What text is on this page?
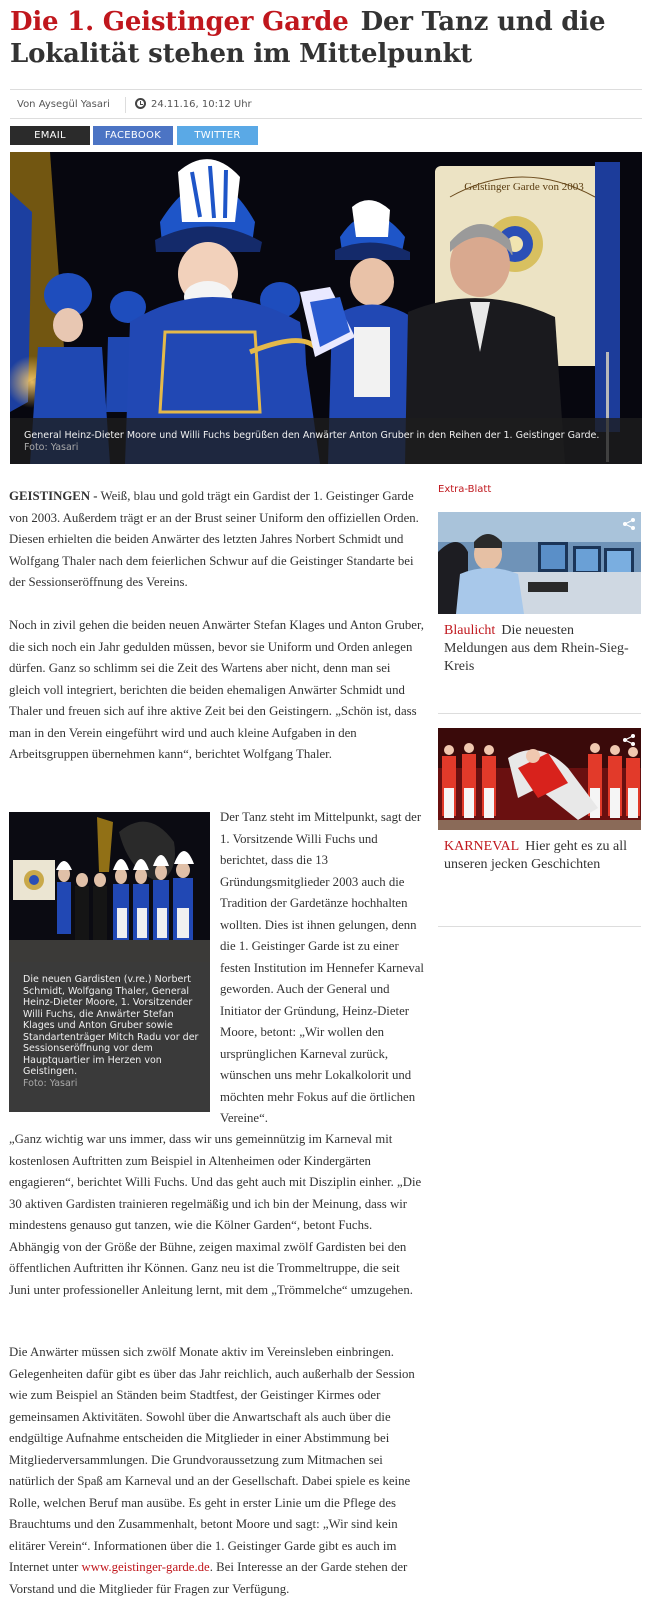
Die 1. Geistinger Garde Der Tanz und die Lokalität stehen im Mittelpunkt
Von Aysegül Yasari	24.11.16, 10:12 Uhr
EMAIL	FACEBOOK	TWITTER
Geistinger Garde von 2003
General Heinz-Dieter Moore und Willi Fuchs begrüßen den Anwärter Anton Gruber in den Reihen der 1. Geistinger Garde.
Foto: Yasari

GEISTINGEN - Weiß, blau und gold trägt ein Gardist der 1. Geistinger Garde von 2003. Außerdem trägt er an der Brust seiner Uniform den offiziellen Orden. Diesen erhielten die beiden Anwärter des letzten Jahres Norbert Schmidt und Wolfgang Thaler nach dem feierlichen Schwur auf die Geistinger Standarte bei der Sessionseröffnung des Vereins.

Noch in zivil gehen die beiden neuen Anwärter Stefan Klages und Anton Gruber, die sich noch ein Jahr gedulden müssen, bevor sie Uniform und Orden anlegen dürfen. Ganz so schlimm sei die Zeit des Wartens aber nicht, denn man sei gleich voll integriert, berichten die beiden ehemaligen Anwärter Schmidt und Thaler und freuen sich auf ihre aktive Zeit bei den Geistingern. „Schön ist, dass man in den Verein eingeführt wird und auch kleine Aufgaben in den Arbeitsgruppen übernehmen kann“, berichtet Wolfgang Thaler.

Die neuen Gardisten (v.re.) Norbert Schmidt, Wolfgang Thaler, General Heinz-Dieter Moore, 1. Vorsitzender Willi Fuchs, die Anwärter Stefan Klages und Anton Gruber sowie Standartenträger Mitch Radu vor der Sessionseröffnung vor dem Hauptquartier im Herzen von Geistingen.
Foto: Yasari

Der Tanz steht im Mittelpunkt, sagt der 1. Vorsitzende Willi Fuchs und berichtet, dass die 13 Gründungsmitglieder 2003 auch die Tradition der Gardetänze hochhalten wollten. Dies ist ihnen gelungen, denn die 1. Geistinger Garde ist zu einer festen Institution im Hennefer Karneval geworden. Auch der General und Initiator der Gründung, Heinz-Dieter Moore, betont: „Wir wollen den ursprünglichen Karneval zurück, wünschen uns mehr Lokalkolorit und möchten mehr Fokus auf die örtlichen Vereine“.

„Ganz wichtig war uns immer, dass wir uns gemeinnützig im Karneval mit kostenlosen Auftritten zum Beispiel in Altenheimen oder Kindergärten engagieren“, berichtet Willi Fuchs. Und das geht auch mit Disziplin einher. „Die 30 aktiven Gardisten trainieren regelmäßig und ich bin der Meinung, dass wir mindestens genauso gut tanzen, wie die Kölner Garden“, betont Fuchs. Abhängig von der Größe der Bühne, zeigen maximal zwölf Gardisten bei den öffentlichen Auftritten ihr Können. Ganz neu ist die Trommeltruppe, die seit Juni unter professioneller Anleitung lernt, mit dem „Trömmelche“ umzugehen.

Die Anwärter müssen sich zwölf Monate aktiv im Vereinsleben einbringen. Gelegenheiten dafür gibt es über das Jahr reichlich, auch außerhalb der Session wie zum Beispiel an Ständen beim Stadtfest, der Geistinger Kirmes oder gemeinsamen Aktivitäten. Sowohl über die Anwartschaft als auch über die endgültige Aufnahme entscheiden die Mitglieder in einer Abstimmung bei Mitgliederversammlungen. Die Grundvoraussetzung zum Mitmachen sei natürlich der Spaß am Karneval und an der Gesellschaft. Dabei spiele es keine Rolle, welchen Beruf man ausübe. Es geht in erster Linie um die Pflege des Brauchtums und den Zusammenhalt, betont Moore und sagt: „Wir sind kein elitärer Verein“. Informationen über die 1. Geistinger Garde gibt es auch im Internet unter www.geistinger-garde.de. Bei Interesse an der Garde stehen der Vorstand und die Mitglieder für Fragen zur Verfügung.

Extra-Blatt
Blaulicht Die neuesten Meldungen aus dem Rhein-Sieg-Kreis
KARNEVAL Hier geht es zu all unseren jecken Geschichten
